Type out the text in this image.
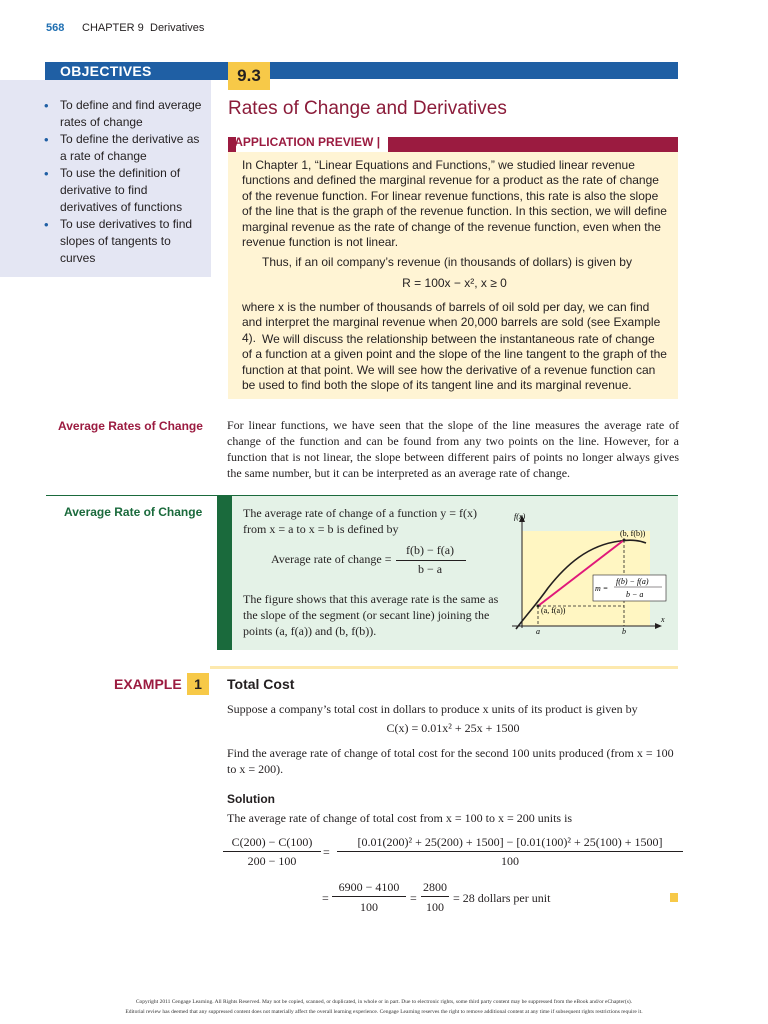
568 CHAPTER 9 Derivatives
OBJECTIVES
• To define and find average rates of change
• To define the derivative as a rate of change
• To use the definition of derivative to find derivatives of functions
• To use derivatives to find slopes of tangents to curves
9.3
Rates of Change and Derivatives
| APPLICATION PREVIEW |
In Chapter 1, “Linear Equations and Functions,” we studied linear revenue functions and defined the marginal revenue for a product as the rate of change of the revenue function. For linear revenue functions, this rate is also the slope of the line that is the graph of the revenue function. In this section, we will define marginal revenue as the rate of change of the revenue function, even when the revenue function is not linear.
Thus, if an oil company’s revenue (in thousands of dollars) is given by
R = 100x − x², x ≥ 0
where x is the number of thousands of barrels of oil sold per day, we can find and interpret the marginal revenue when 20,000 barrels are sold (see Example 4). We will discuss the relationship between the instantaneous rate of change of a function at a given point and the slope of the line tangent to the graph of the function at that point. We will see how the derivative of a revenue function can be used to find both the slope of its tangent line and its marginal revenue.
Average Rates of Change For linear functions, we have seen that the slope of the line measures the average rate of change of the function and can be found from any two points on the line. However, for a function that is not linear, the slope between different pairs of points no longer always gives the same number, but it can be interpreted as an average rate of change.
Average Rate of Change	The average rate of change of a function y = f(x) from x = a to x = b is defined by
Average rate of change =
f(b) − f(a)
b − a
The figure shows that this average rate is the same as the slope of the segment (or secant line) joining the points (a, f(a)) and (b, f(b)).
f(x)
x
(b, f(b))
(a, f(a))
m =
f(b) − f(a)
b − a
a	b
EXAMPLE 1	Total Cost
Suppose a company’s total cost in dollars to produce x units of its product is given by
C(x) = 0.01x² + 25x + 1500
Find the average rate of change of total cost for the second 100 units produced (from x = 100 to x = 200).
Solution
The average rate of change of total cost from x = 100 to x = 200 units is
C(200) − C(100)
200 − 100
=
[0.01(200)² + 25(200) + 1500] − [0.01(100)² + 25(100) + 1500]
100
=
6900 − 4100
100
=
2800
100
= 28 dollars per unit
Copyright 2011 Cengage Learning. All Rights Reserved. May not be copied, scanned, or duplicated, in whole or in part. Due to electronic rights, some third party content may be suppressed from the eBook and/or eChapter(s).
Editorial review has deemed that any suppressed content does not materially affect the overall learning experience. Cengage Learning reserves the right to remove additional content at any time if subsequent rights restrictions require it.
